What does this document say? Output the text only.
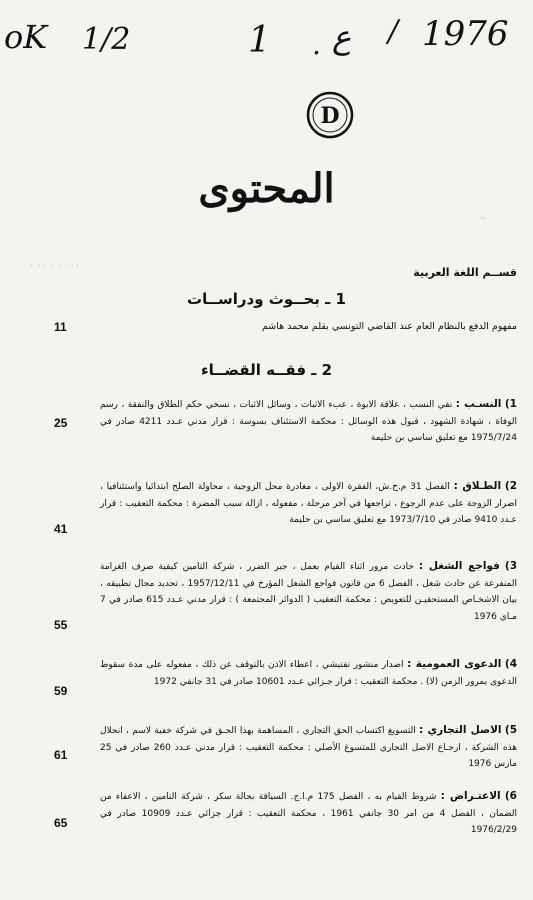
oK 1/2	1 . ع / 1976
D
المحتوى
· ·· · · · ·
··
قســم اللغة العربية
1 ـ بحــوث ودراســات
مفهوم الدفع بالنظام العام عند القاضي التونسي بقلم محمد هاشم
11
2 ـ فقــه القضــاء
1) النسـب : نفي النسب ، علاقة الابوة ، عبء الاثبات ، وسائل الاثبات ، نسخي حكم الطلاق والنفقة ، رسم الوفاة ، شهادة الشهود ، قبول هذه الوسائل : محكمة الاستئناف بسوسة : قرار مدني عـدد 4211 صادر في 1975/7/24 مع تعليق ساسي بن حليمة
25
2) الطـلاق : الفصل 31 م.ح.ش، الفقرة الاولى ، مغادرة محل الزوجية ، محاولة الصلح ابتدائيا واستئنافيا ، اضرار الزوجة على عدم الرجوع ، تراجعها في آخر مرحلة ، مفعوله ، ازالة سبب المضرة : محكمة التعقيب : قرار عـدد 9410 صادر في 1973/7/10 مع تعليق ساسي بن حليمة
41
3) فواجع الشغل : حادث مرور اثناء القيام بعمل ، جبر الضرر ، شركة التامين كيفية صرف الغرامة المنفرعة عن حادث شغل ، الفصل 6 من قانون فواجع الشغل المؤرخ في 1957/12/11 ، تحديد مجال تطبيقه ، بيان الاشخـاص المستحقيـن للتعويض : محكمة التعقيب ( الدوائر المجتمعة ) : قرار مدني عـدد 615 صادر في 7 مـاي 1976
55
4) الدعوى العمومية : اصدار منشور تفتيشي ، اعطاء الاذن بالتوقف عن ذلك ، مفعوله على مدة سقوط الدعوى بمرور الزمن (لا) . محكمة التعقيب : قرار جـزائي عـدد 10601 صادر في 31 جانفي 1972
59
5) الاصل التجاري : التسويغ اكتساب الحق التجاري ، المساهمة بهذا الحـق في شركة خفية لاسم ، انحلال هذه الشركة ، ارجـاع الاصل التجاري للمتسوغ الأصلي : محكمة التعقيب : قرار مدني عـدد 260 صادر في 25 مارس 1976
61
6) الاعتـراض : شروط القيام به ، الفصل 175 م.ا.ج. السياقة بحالة سكر ، شركة التامين ، الاعفاء من الضمان ، الفصل 4 من امر 30 جانفي 1961 ، محكمة التعقيب : قرار جزائي عـدد 10909 صادر في 1976/2/29
65
